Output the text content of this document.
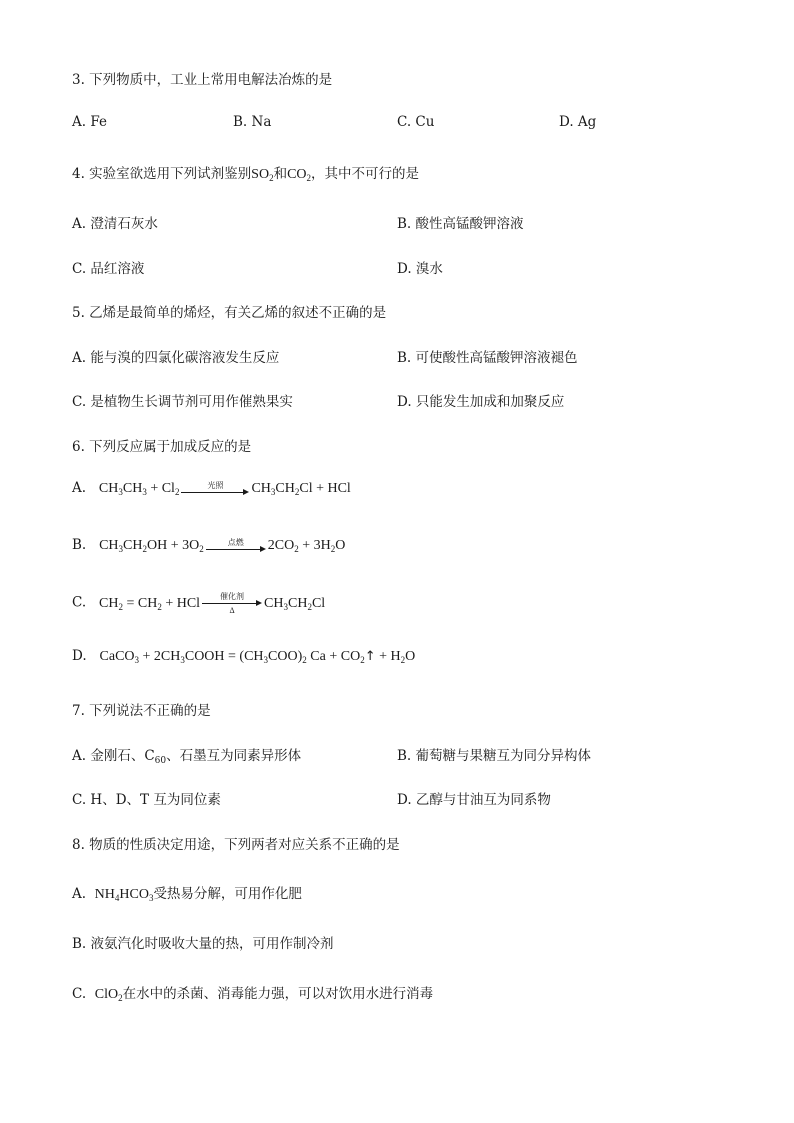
3. 下列物质中，工业上常用电解法冶炼的是
A. Fe	B. Na	C. Cu	D. Ag
4. 实验室欲选用下列试剂鉴别$SO_2$和$CO_2$，其中不可行的是
A. 澄清石灰水	B. 酸性高锰酸钾溶液
C. 品红溶液	D. 溴水
5. 乙烯是最简单的烯烃，有关乙烯的叙述不正确的是
A. 能与溴的四氯化碳溶液发生反应	B. 可使酸性高锰酸钾溶液褪色
C. 是植物生长调节剂可用作催熟果实	D. 只能发生加成和加聚反应
6. 下列反应属于加成反应的是
A. $CH_3CH_3 + Cl_2$
光照	$CH_3CH_2Cl$ + HCl
B. $CH_3CH_2OH + 3O_2$
点燃	$2CO_2 + 3H_2O$
C. $CH_2 = CH_2$ + HCl	催化剂
Δ	$CH_3CH_2Cl$
D. CaCO$_3$ + $2CH_3COOH = (CH_3COO)_2$ $Ca + CO_2↑ + H_2O$
7. 下列说法不正确的是
A. 金刚石、$C_{60}$、石墨互为同素异形体	B. 葡萄糖与果糖互为同分异构体
C. H、D、T 互为同位素	D. 乙醇与甘油互为同系物
8. 物质的性质决定用途，下列两者对应关系不正确的是
A. $NH_4HCO_3$受热易分解，可用作化肥
B. 液氨汽化时吸收大量的热，可用作制冷剂
C. ClO$_2$在水中的杀菌、消毒能力强，可以对饮用水进行消毒
